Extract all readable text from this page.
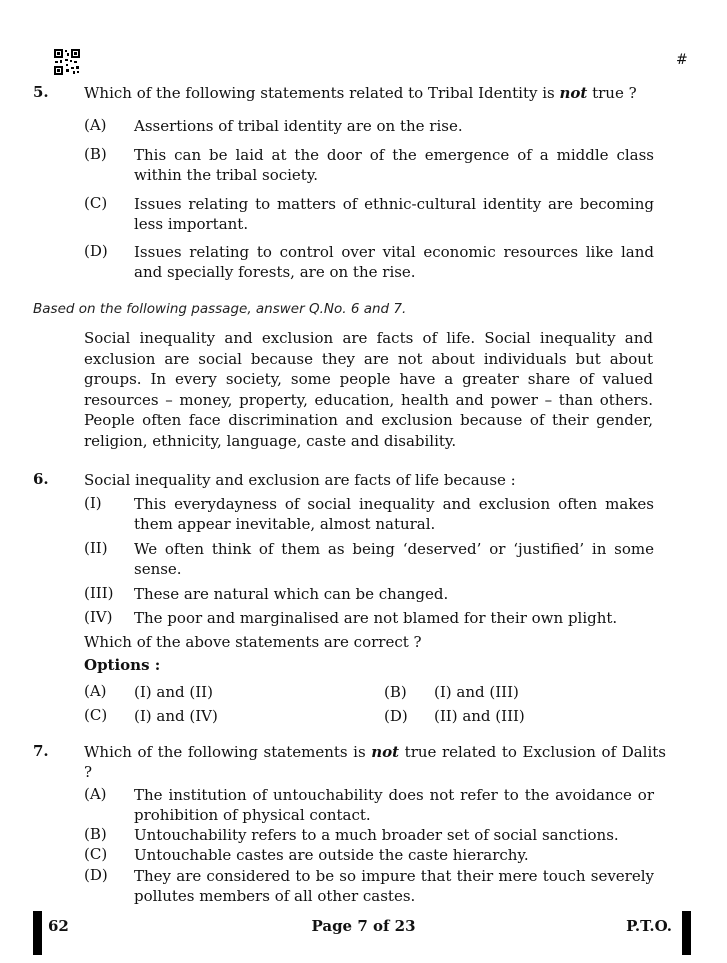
#
5. Which of the following statements related to Tribal Identity is not true ?
(A) Assertions of tribal identity are on the rise.
(B) This can be laid at the door of the emergence of a middle class within the tribal society.
(C) Issues relating to matters of ethnic-cultural identity are becoming less important.
(D) Issues relating to control over vital economic resources like land and specially forests, are on the rise.
Based on the following passage, answer Q.No. 6 and 7.
Social inequality and exclusion are facts of life. Social inequality and exclusion are social because they are not about individuals but about groups. In every society, some people have a greater share of valued resources – money, property, education, health and power – than others. People often face discrimination and exclusion because of their gender, religion, ethnicity, language, caste and disability.
6. Social inequality and exclusion are facts of life because :
(I) This everydayness of social inequality and exclusion often makes them appear inevitable, almost natural.
(II) We often think of them as being ‘deserved’ or ‘justified’ in some sense.
(III) These are natural which can be changed.
(IV) The poor and marginalised are not blamed for their own plight.
Which of the above statements are correct ?
Options :
(A) (I) and (II)	(B) (I) and (III)
(C) (I) and (IV)	(D) (II) and (III)
7. Which of the following statements is not true related to Exclusion of Dalits ?
(A) The institution of untouchability does not refer to the avoidance or prohibition of physical contact.
(B) Untouchability refers to a much broader set of social sanctions.
(C) Untouchable castes are outside the caste hierarchy.
(D) They are considered to be so impure that their mere touch severely pollutes members of all other castes.
62	Page 7 of 23	P.T.O.
